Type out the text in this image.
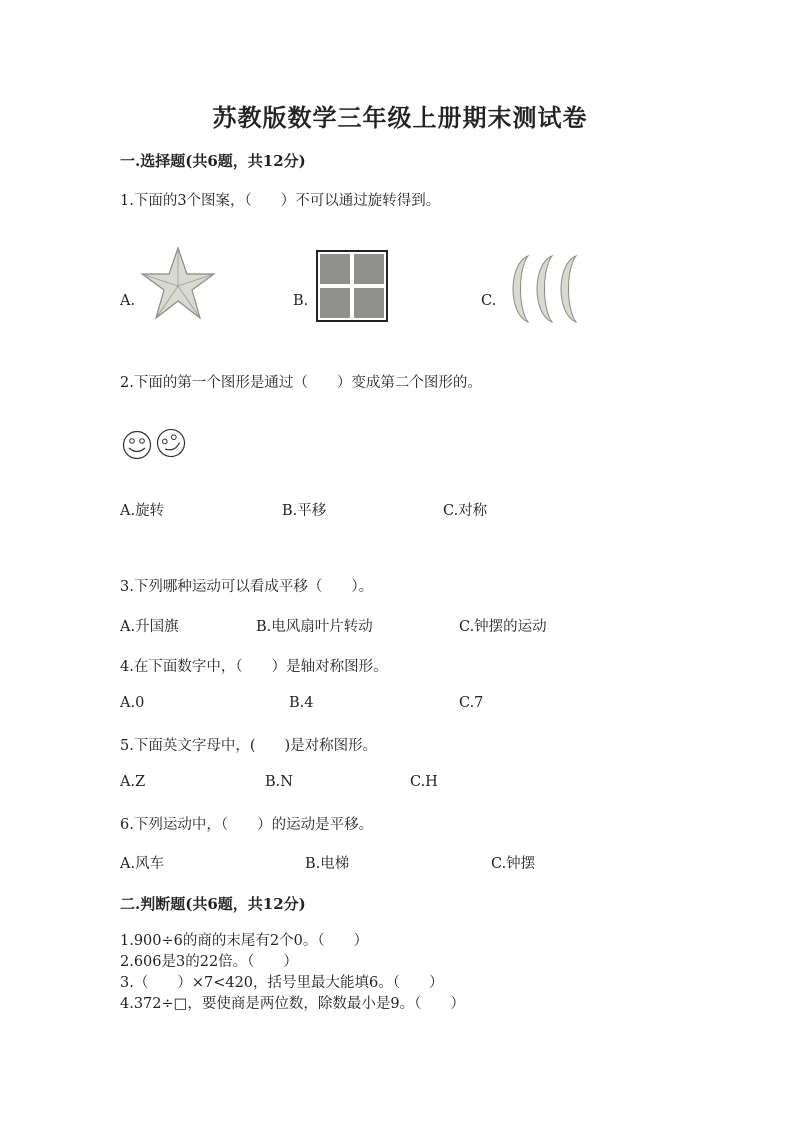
苏教版数学三年级上册期末测试卷
一.选择题(共6题，共12分)
1.下面的3个图案，（　　）不可以通过旋转得到。
A.	B.	C.
2.下面的第一个图形是通过（　　）变成第二个图形的。
A.旋转	B.平移	C.对称
3.下列哪种运动可以看成平移（　　）。
A.升国旗	B.电风扇叶片转动	C.钟摆的运动
4.在下面数字中，（　　）是轴对称图形。
A.0	B.4	C.7
5.下面英文字母中，(　　)是对称图形。
A.Z	B.N	C.H
6.下列运动中，（　　）的运动是平移。
A.风车	B.电梯	C.钟摆
二.判断题(共6题，共12分)
1.900÷6的商的末尾有2个0。（　　）
2.606是3的22倍。（　　）
3.（　　）×7<420，括号里最大能填6。（　　）
4.372÷□，要使商是两位数，除数最小是9。（　　）
